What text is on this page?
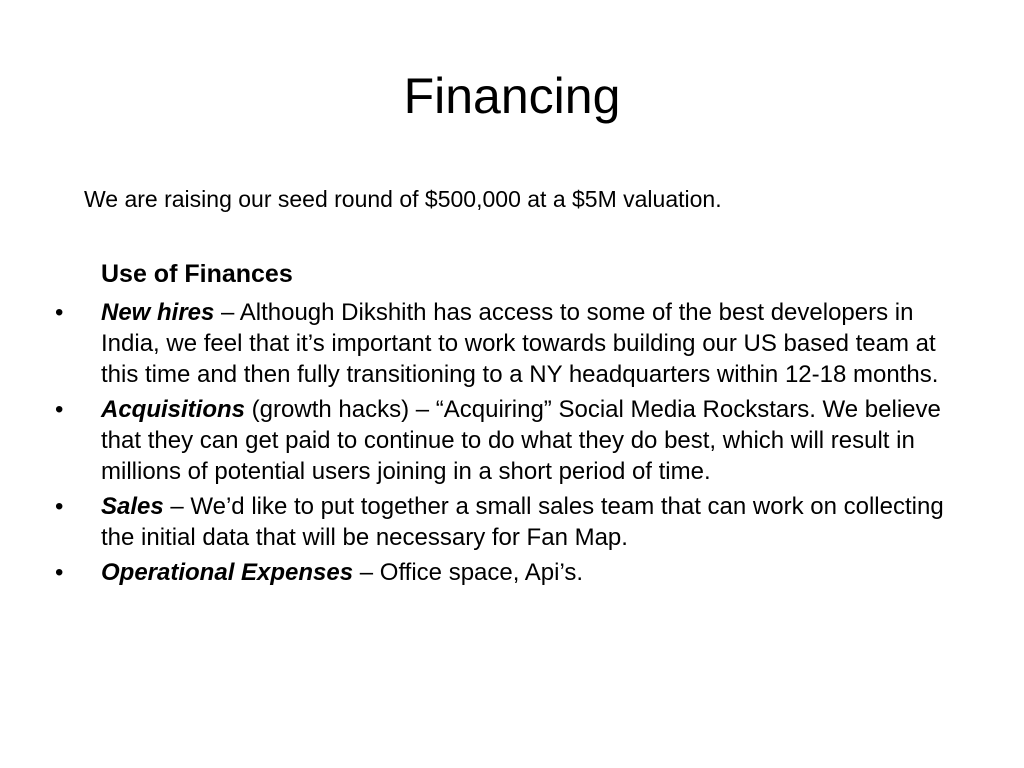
Financing
We are raising our seed round of $500,000 at a $5M valuation.
Use of Finances
•	New hires – Although Dikshith has access to some of the best developers in India, we feel that it’s important to work towards building our US based team at this time and then fully transitioning to a NY headquarters within 12-18 months.
•	Acquisitions (growth hacks) – “Acquiring” Social Media Rockstars. We believe that they can get paid to continue to do what they do best, which will result in millions of potential users joining in a short period of time.
•	Sales – We’d like to put together a small sales team that can work on collecting the initial data that will be necessary for Fan Map.
•	Operational Expenses – Office space, Api’s.
